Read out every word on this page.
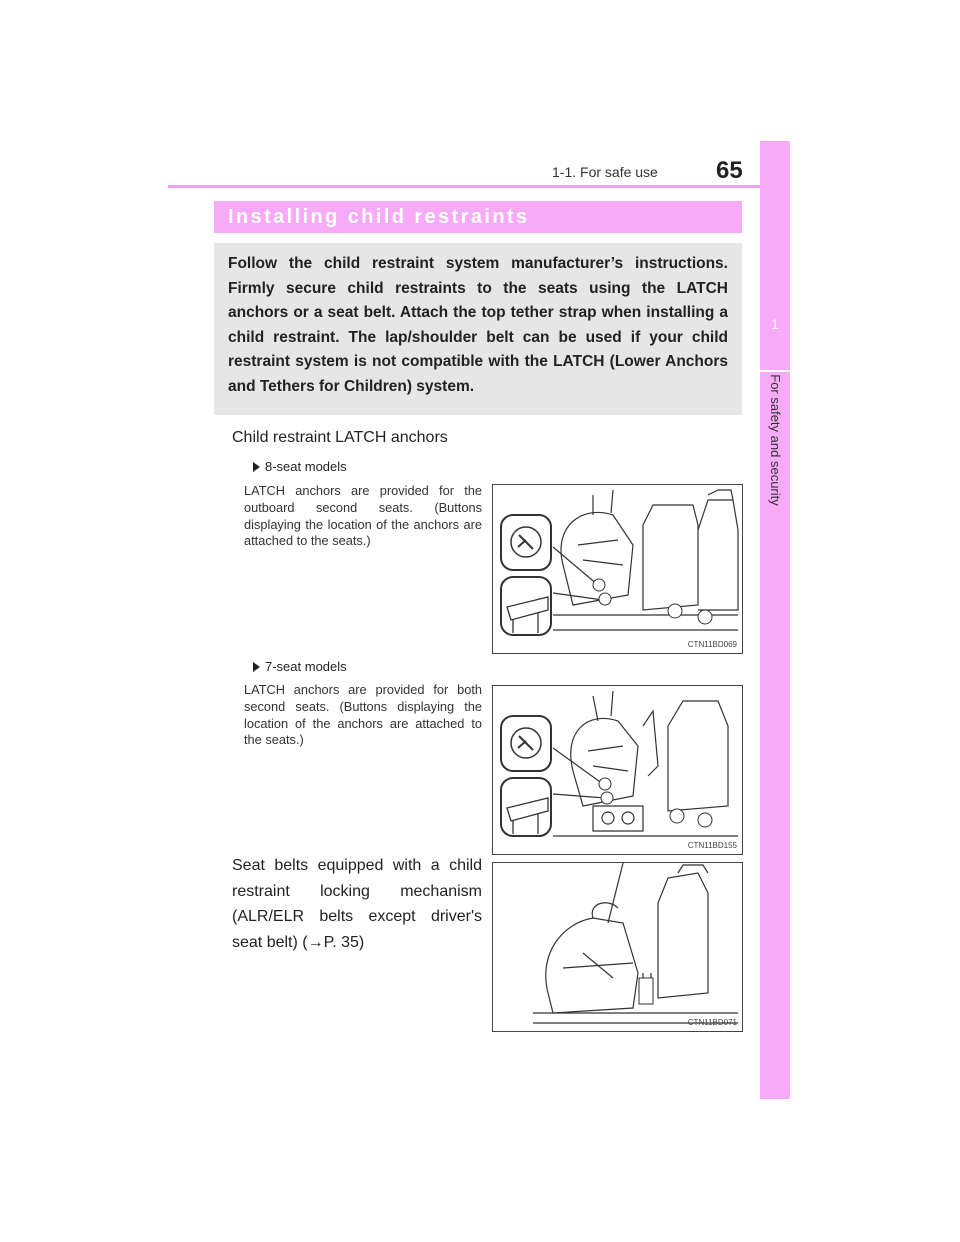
1-1. For safe use 65
1
For safety and security
Installing child restraints
Follow the child restraint system manufacturer’s instructions. Firmly secure child restraints to the seats using the LATCH anchors or a seat belt. Attach the top tether strap when installing a child restraint. The lap/shoulder belt can be used if your child restraint system is not compatible with the LATCH (Lower Anchors and Tethers for Children) system.
Child restraint LATCH anchors
8-seat models
LATCH anchors are provided for the outboard second seats. (Buttons displaying the location of the anchors are attached to the seats.)
CTN11BD069
7-seat models
LATCH anchors are provided for both second seats. (Buttons displaying the location of the anchors are attached to the seats.)
CTN11BD155
Seat belts equipped with a child restraint locking mechanism (ALR/ELR belts except driver's seat belt) (→P. 35)
CTN11BD071
